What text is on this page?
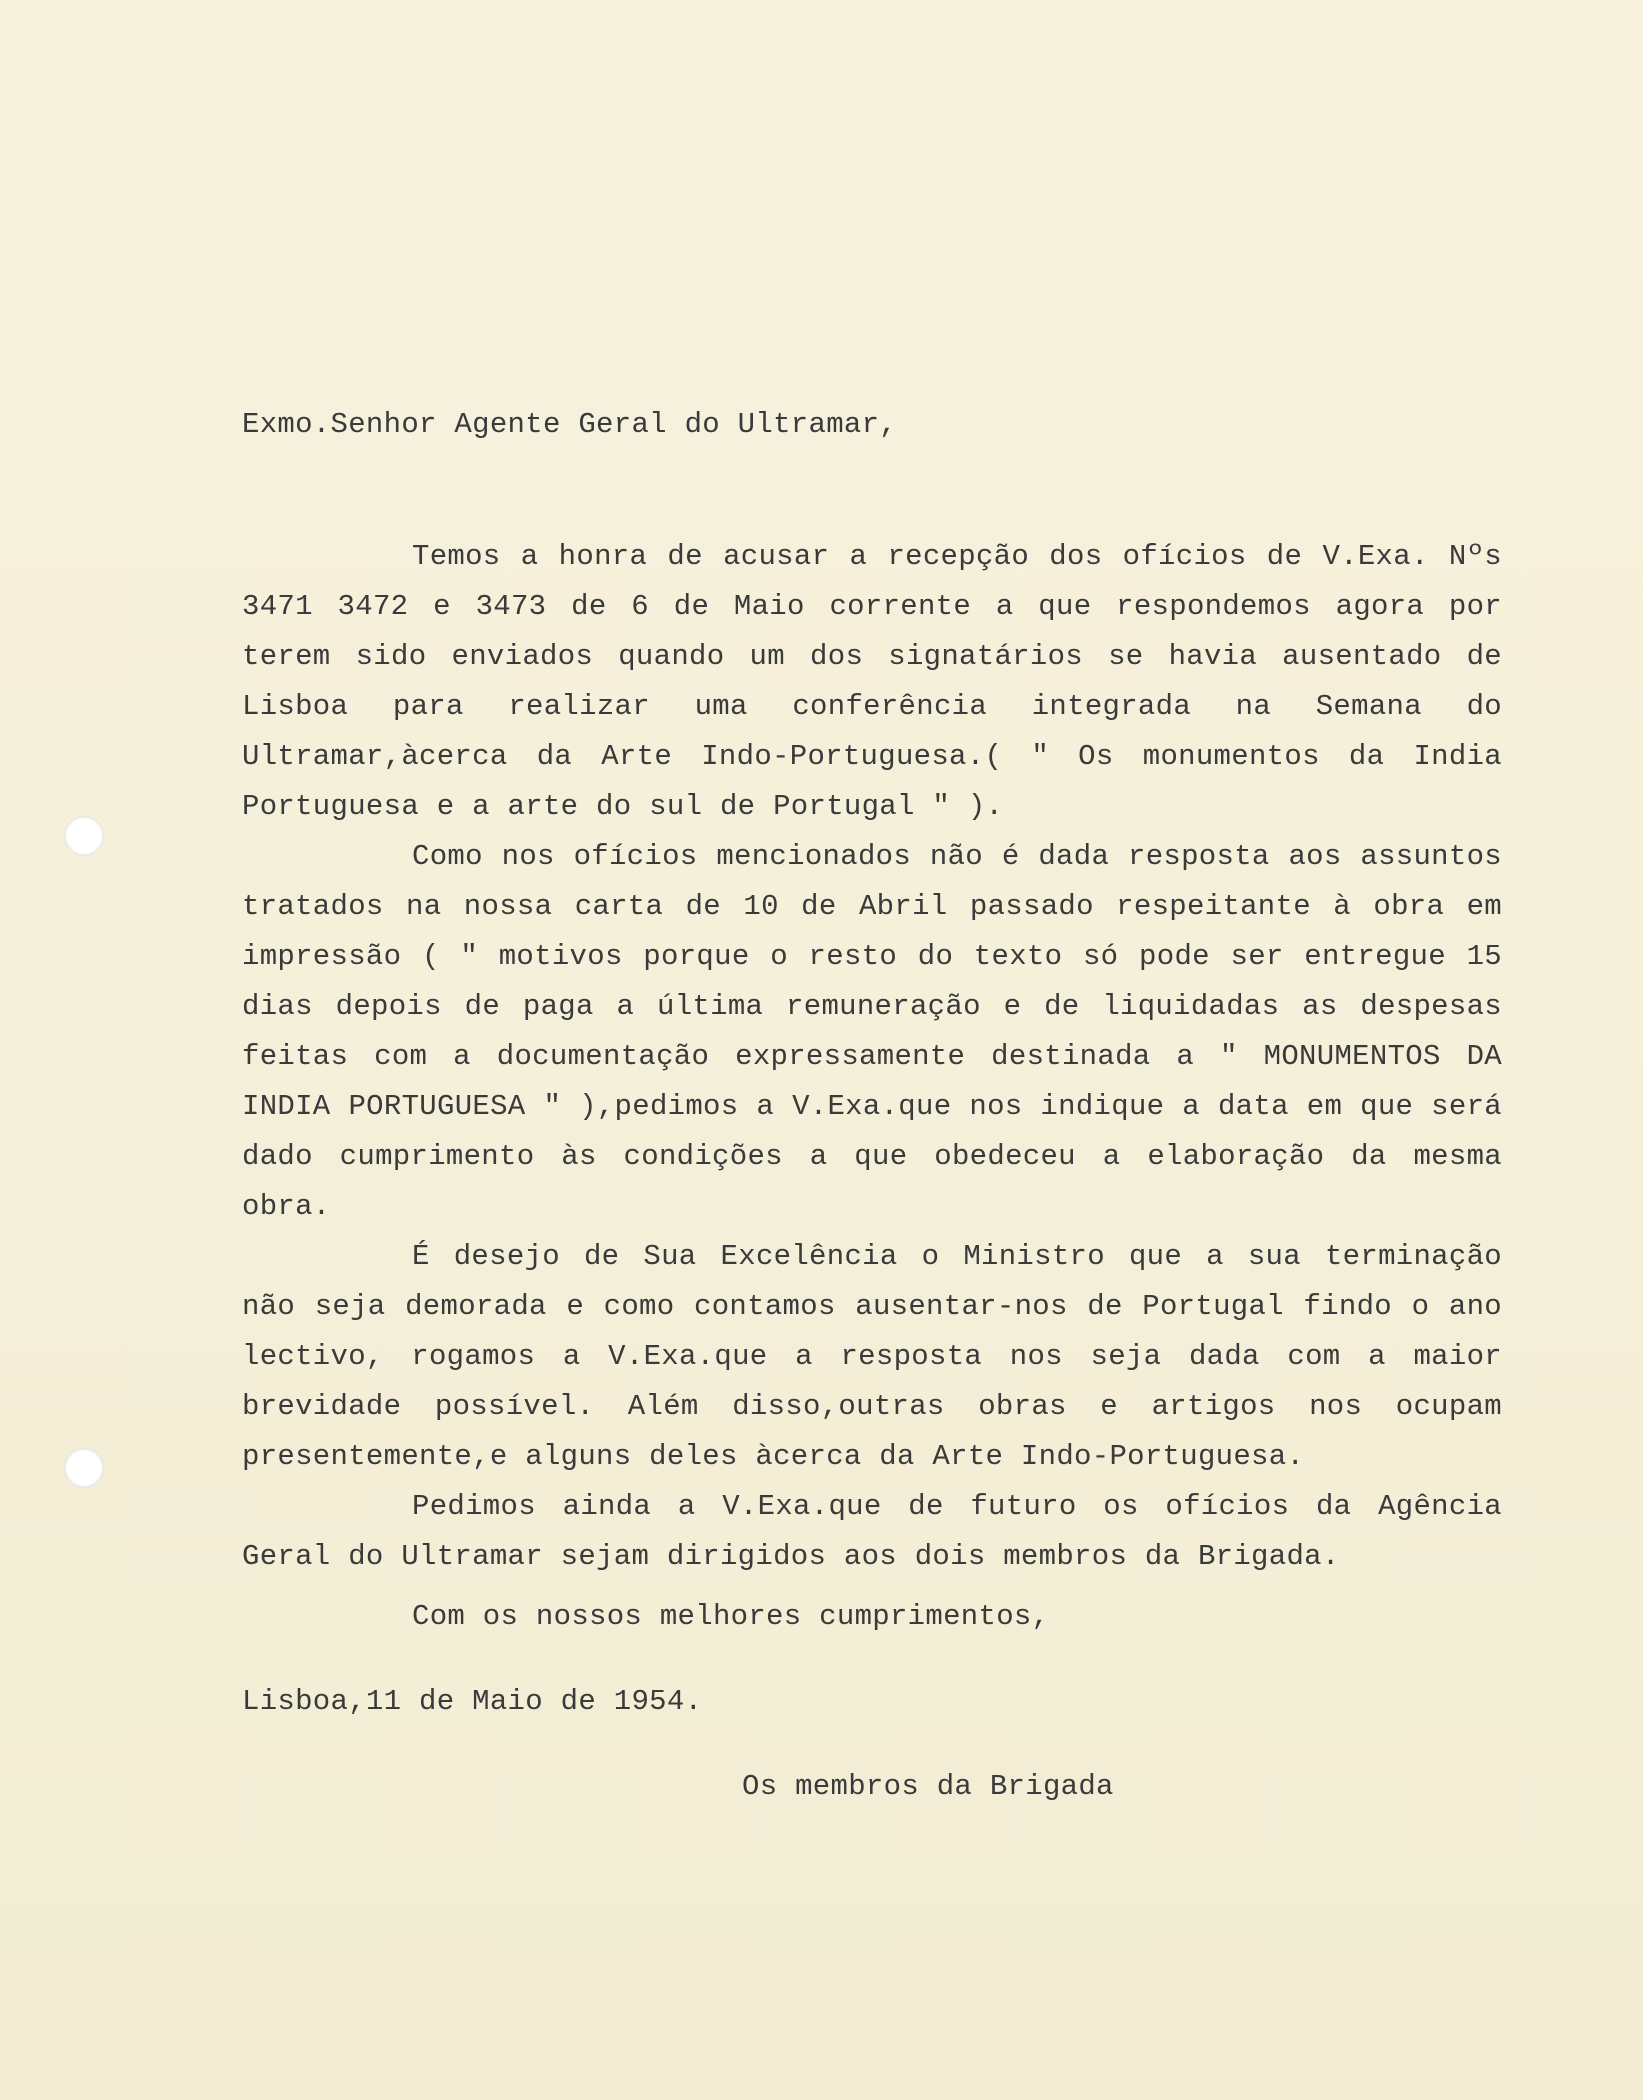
Exmo.Senhor Agente Geral do Ultramar,

Temos a honra de acusar a recepção dos ofícios de V.Exa. Nºs 3471 3472 e 3473 de 6 de Maio corrente a que respondemos agora por terem sido enviados quando um dos signatários se havia ausentado de Lisboa para realizar uma conferência integrada na Semana do Ultramar,àcerca da Arte Indo-Portuguesa.( " Os monumentos da India Portuguesa e a arte do sul de Portugal " ).

Como nos ofícios mencionados não é dada resposta aos assuntos tratados na nossa carta de 10 de Abril passado respeitante à obra em impressão ( " motivos porque o resto do texto só pode ser entregue 15 dias depois de paga a última remuneração e de liquidadas as despesas feitas com a documentação expressamente destinada a " MONUMENTOS DA INDIA PORTUGUESA " ),pedimos a V.Exa.que nos indique a data em que será dado cumprimento às condições a que obedeceu a elaboração da mesma obra.

É desejo de Sua Excelência o Ministro que a sua terminação não seja demorada e como contamos ausentar-nos de Portugal findo o ano lectivo, rogamos a V.Exa.que a resposta nos seja dada com a maior brevidade possível. Além disso,outras obras e artigos nos ocupam presentemente,e alguns deles àcerca da Arte Indo-Portuguesa.

Pedimos ainda a V.Exa.que de futuro os ofícios da Agência Geral do Ultramar sejam dirigidos aos dois membros da Brigada.

Com os nossos melhores cumprimentos,

Lisboa,11 de Maio de 1954.

Os membros da Brigada
